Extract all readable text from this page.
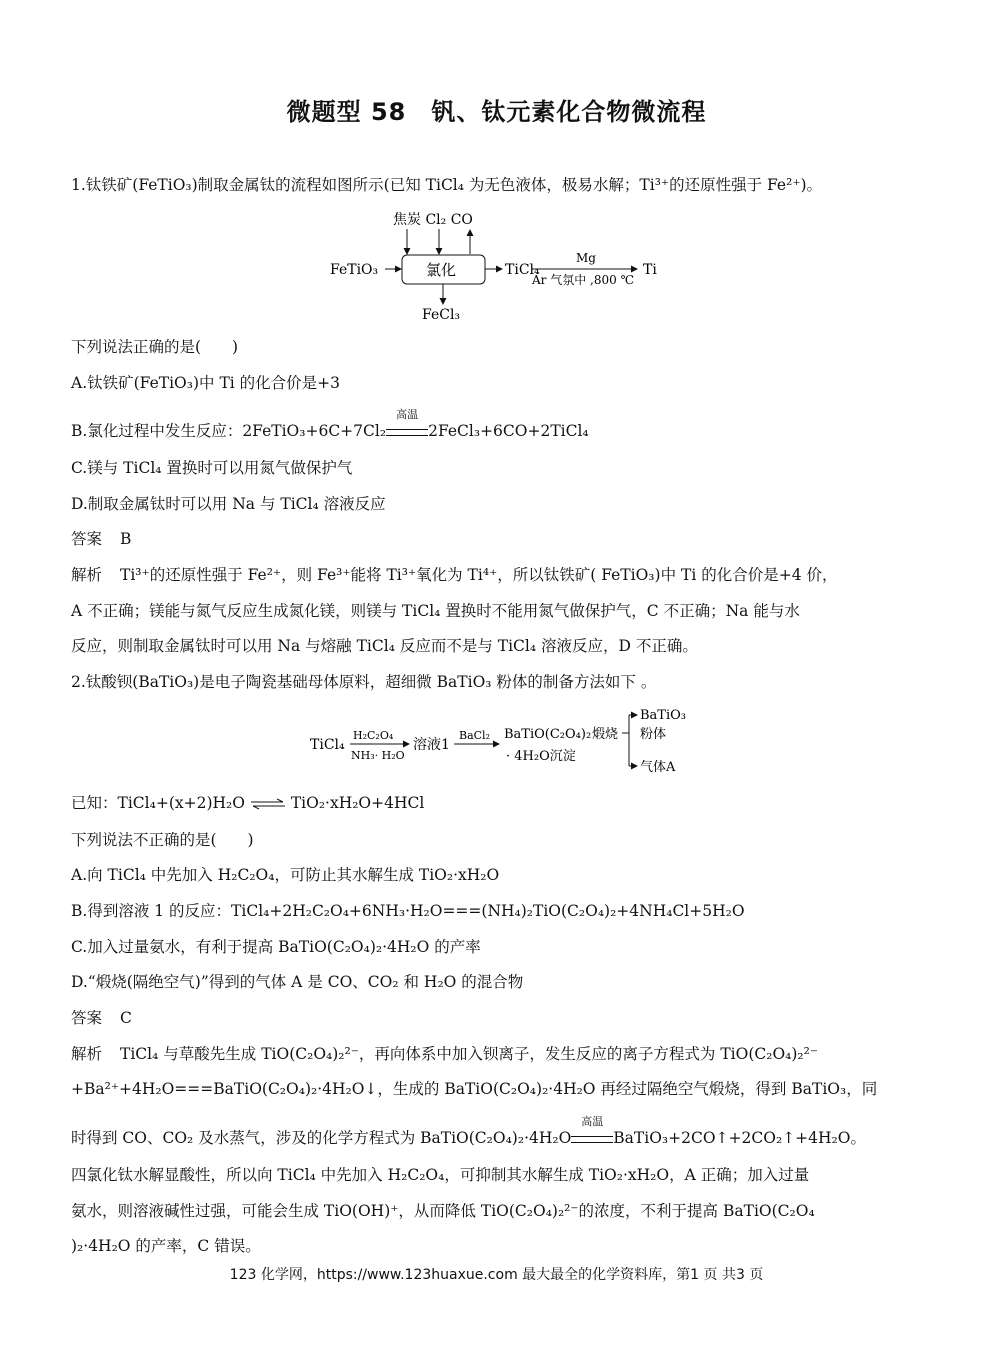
微题型 58　钒、钛元素化合物微流程
1.钛铁矿(FeTiO₃)制取金属钛的流程如图所示(已知 TiCl₄ 为无色液体，极易水解；Ti³⁺的还原性强于 Fe²⁺)。
焦炭 Cl₂ CO
FeTiO₃	氯化	TiCl₄
Mg
Ar 气氛中 ,800 ℃
Ti
FeCl₃
下列说法正确的是(　　)
A.钛铁矿(FeTiO₃)中 Ti 的化合价是+3
B.氯化过程中发生反应：2FeTiO₃+6C+7Cl₂
高温
2FeCl₃+6CO+2TiCl₄
C.镁与 TiCl₄ 置换时可以用氮气做保护气
D.制取金属钛时可以用 Na 与 TiCl₄ 溶液反应
答案 B
解析 Ti³⁺的还原性强于 Fe²⁺，则 Fe³⁺能将 Ti³⁺氧化为 Ti⁴⁺，所以钛铁矿( FeTiO₃)中 Ti 的化合价是+4 价，
A 不正确；镁能与氮气反应生成氮化镁，则镁与 TiCl₄ 置换时不能用氮气做保护气，C 不正确；Na 能与水
反应，则制取金属钛时可以用 Na 与熔融 TiCl₄ 反应而不是与 TiCl₄ 溶液反应，D 不正确。
2.钛酸钡(BaTiO₃)是电子陶瓷基础母体原料，超细微 BaTiO₃ 粉体的制备方法如下 。
TiCl₄
H₂C₂O₄
NH₃· H₂O
溶液1
BaCl₂ BaTiO(C₂O₄)₂
· 4H₂O沉淀
煅烧
BaTiO₃
粉体
气体A
已知：TiCl₄+(x+2)H₂O ⇌ TiO₂·xH₂O+4HCl
下列说法不正确的是(　　)
A.向 TiCl₄ 中先加入 H₂C₂O₄，可防止其水解生成 TiO₂·xH₂O
B.得到溶液 1 的反应：TiCl₄+2H₂C₂O₄+6NH₃·H₂O===(NH₄)₂TiO(C₂O₄)₂+4NH₄Cl+5H₂O
C.加入过量氨水，有利于提高 BaTiO(C₂O₄)₂·4H₂O 的产率
D.“煅烧(隔绝空气)”得到的气体 A 是 CO、CO₂ 和 H₂O 的混合物
答案 C
解析 TiCl₄ 与草酸先生成 TiO(C₂O₄)₂²⁻，再向体系中加入钡离子，发生反应的离子方程式为 TiO(C₂O₄)₂²⁻
+Ba²⁺+4H₂O===BaTiO(C₂O₄)₂·4H₂O↓，生成的 BaTiO(C₂O₄)₂·4H₂O 再经过隔绝空气煅烧，得到 BaTiO₃，同
时得到 CO、CO₂ 及水蒸气，涉及的化学方程式为 BaTiO(C₂O₄)₂·4H₂O
高温
BaTiO₃+2CO↑+2CO₂↑+4H₂O。
四氯化钛水解显酸性，所以向 TiCl₄ 中先加入 H₂C₂O₄，可抑制其水解生成 TiO₂·xH₂O，A 正确；加入过量
氨水，则溶液碱性过强，可能会生成 TiO(OH)⁺，从而降低 TiO(C₂O₄)₂²⁻的浓度，不利于提高 BaTiO(C₂O₄
)₂·4H₂O 的产率，C 错误。
123 化学网，https://www.123huaxue.com 最大最全的化学资料库，第1 页 共3 页
